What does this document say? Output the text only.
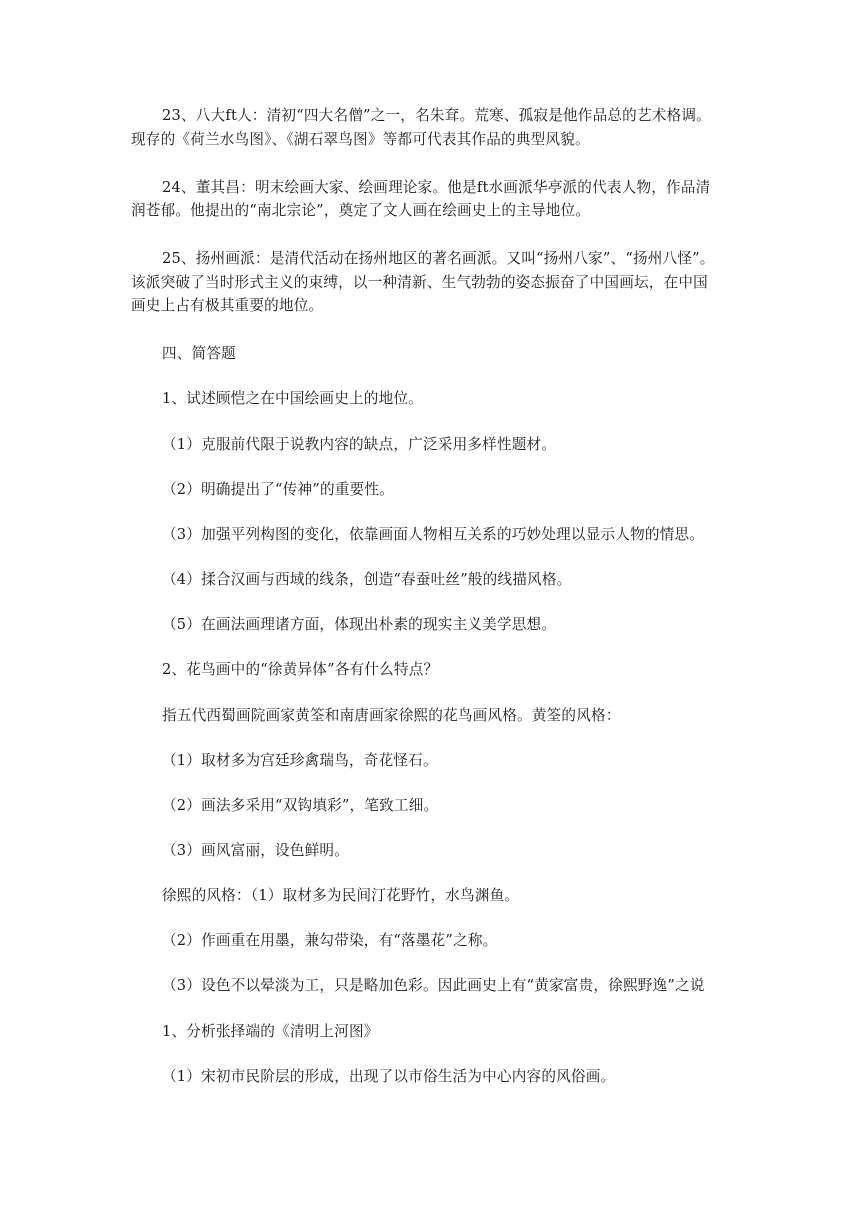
23、八大ft人：清初“四大名僧”之一，名朱耷。荒寒、孤寂是他作品总的艺术格调。
现存的《荷兰水鸟图》、《湖石翠鸟图》等都可代表其作品的典型风貌。
24、董其昌：明末绘画大家、绘画理论家。他是ft水画派华亭派的代表人物，作品清
润苍郁。他提出的“南北宗论”，奠定了文人画在绘画史上的主导地位。
25、扬州画派：是清代活动在扬州地区的著名画派。又叫“扬州八家”、“扬州八怪”。
该派突破了当时形式主义的束缚，以一种清新、生气勃勃的姿态振奋了中国画坛，在中国
画史上占有极其重要的地位。
四、简答题
1、试述顾恺之在中国绘画史上的地位。
（1）克服前代限于说教内容的缺点，广泛采用多样性题材。
（2）明确提出了“传神”的重要性。
（3）加强平列构图的变化，依靠画面人物相互关系的巧妙处理以显示人物的情思。
（4）揉合汉画与西域的线条，创造“春蚕吐丝”般的线描风格。
（5）在画法画理诸方面，体现出朴素的现实主义美学思想。
2、花鸟画中的“徐黄异体”各有什么特点？
指五代西蜀画院画家黄筌和南唐画家徐熙的花鸟画风格。黄筌的风格：
（1）取材多为宫廷珍禽瑞鸟，奇花怪石。
（2）画法多采用“双钩填彩”，笔致工细。
（3）画风富丽，设色鲜明。
徐熙的风格：（1）取材多为民间汀花野竹，水鸟渊鱼。
（2）作画重在用墨，兼勾带染，有“落墨花”之称。
（3）设色不以晕淡为工，只是略加色彩。因此画史上有“黄家富贵，徐熙野逸”之说
1、分析张择端的《清明上河图》
（1）宋初市民阶层的形成，出现了以市俗生活为中心内容的风俗画。
